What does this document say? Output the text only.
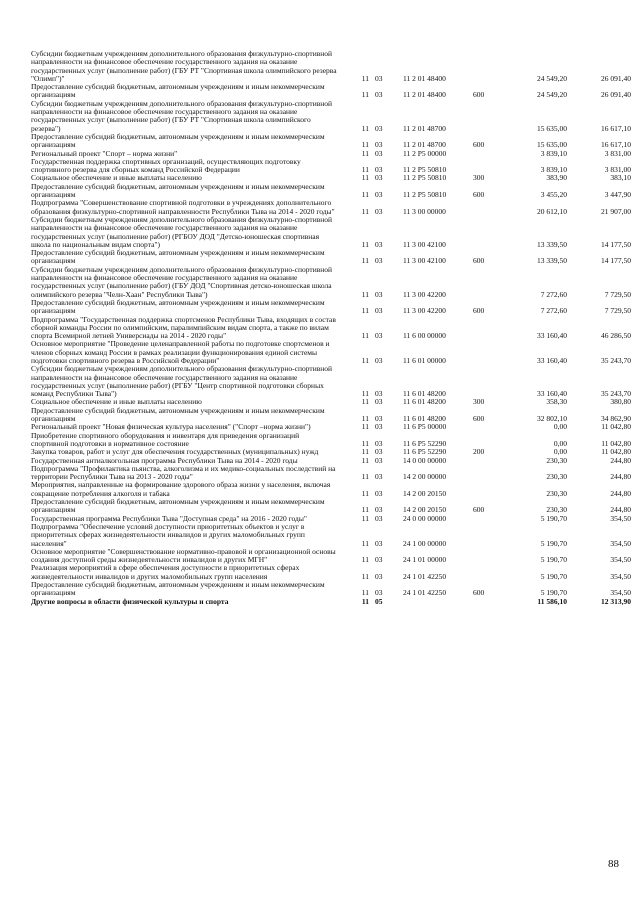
Субсидии бюджетным учреждениям дополнительного образования физкультурно-спортивной направленности на финансовое обеспечение государственного задания на оказание государственных услуг (выполнение работ) (ГБУ РТ "Спортивная школа олимпийского резерва "Олимп")"	11	03	11 2 01 48400		24 549,20	26 091,40
Предоставление субсидий бюджетным, автономным учреждениям и иным некоммерческим организациям	11	03	11 2 01 48400	600	24 549,20	26 091,40
Субсидии бюджетным учреждениям дополнительного образования физкультурно-спортивной направленности на финансовое обеспечение государственного задания на оказание государственных услуг (выполнение работ) (ГБУ РТ "Спортивная школа олимпийского резерва")	11	03	11 2 01 48700		15 635,00	16 617,10
Предоставление субсидий бюджетным, автономным учреждениям и иным некоммерческим организациям	11	03	11 2 01 48700	600	15 635,00	16 617,10
Региональный проект "Спорт – норма жизни"	11	03	11 2 P5 00000		3 839,10	3 831,00
Государственная поддержка спортивных организаций, осуществляющих подготовку спортивного резерва для сборных команд Российской Федерации	11	03	11 2 P5 50810		3 839,10	3 831,00
Социальное обеспечение и иные выплаты населению	11	03	11 2 P5 50810	300	383,90	383,10
Предоставление субсидий бюджетным, автономным учреждениям и иным некоммерческим организациям	11	03	11 2 P5 50810	600	3 455,20	3 447,90
Подпрограмма "Совершенствование спортивной подготовки в учреждениях дополнительного образования физкультурно-спортивной направленности Республики Тыва на 2014 - 2020 годы"	11	03	11 3 00 00000		20 612,10	21 907,00
Субсидии бюджетным учреждениям дополнительного образования физкультурно-спортивной направленности на финансовое обеспечение государственного задания на оказание государственных услуг (выполнение работ) (РГБОУ ДОД "Детско-юношеская спортивная школа по национальным видам спорта")	11	03	11 3 00 42100		13 339,50	14 177,50
Предоставление субсидий бюджетным, автономным учреждениям и иным некоммерческим организациям	11	03	11 3 00 42100	600	13 339,50	14 177,50
Субсидии бюджетным учреждениям дополнительного образования физкультурно-спортивной направленности на финансовое обеспечение государственного задания на оказание государственных услуг (выполнение работ) (ГБУ ДОД "Спортивная детско-юношеская школа олимпийского резерва "Челн-Хаан" Республики Тыва")	11	03	11 3 00 42200		7 272,60	7 729,50
Предоставление субсидий бюджетным, автономным учреждениям и иным некоммерческим организациям	11	03	11 3 00 42200	600	7 272,60	7 729,50
Подпрограмма "Государственная поддержка спортсменов Республики Тыва, входящих в состав сборной команды России по олимпийским, паралимпийским видам спорта, а также по вилам спорта Всемирной летней Универсиады на 2014 - 2020 годы"	11	03	11 6 00 00000		33 160,40	46 286,50
Основное мероприятие "Проведение целенаправленной работы по подготовке спортсменов и членов сборных команд России в рамках реализации функционирования единой системы подготовки спортивного резерва в Российской Федерации"	11	03	11 6 01 00000		33 160,40	35 243,70
Субсидии бюджетным учреждениям дополнительного образования физкультурно-спортивной направленности на финансовое обеспечение государственного задания на оказание государственных услуг (выполнение работ) (РГБУ "Центр спортивной подготовки сборных команд Республики Тыва")	11	03	11 6 01 48200		33 160,40	35 243,70
Социальное обеспечение и иные выплаты населению	11	03	11 6 01 48200	300	358,30	380,80
Предоставление субсидий бюджетным, автономным учреждениям и иным некоммерческим организациям	11	03	11 6 01 48200	600	32 802,10	34 862,90
Региональный проект "Новая физическая культура населения" ("Спорт –норма жизни")	11	03	11 6 P5 00000		0,00	11 042,80
Приобретение спортивного оборудования и инвентаря для приведения организаций спортивной подготовки в нормативное состояние	11	03	11 6 P5 52290		0,00	11 042,80
Закупка товаров, работ и услуг для обеспечения государственных (муниципальных) нужд	11	03	11 6 P5 52290	200	0,00	11 042,80
Государственная антиалкогольная программа Республики Тыва на 2014 - 2020 годы	11	03	14 0 00 00000		230,30	244,80
Подпрограмма "Профилактика пьянства, алкоголизма и их медико-социальных последствий на территории Республики Тыва на 2013 - 2020 годы"	11	03	14 2 00 00000		230,30	244,80
Мероприятия, направленные на формирование здорового образа жизни у населения, включая сокращение потребления алкоголя и табака	11	03	14 2 00 20150		230,30	244,80
Предоставление субсидий бюджетным, автономным учреждениям и иным некоммерческим организациям	11	03	14 2 00 20150	600	230,30	244,80
Государственная программа Республики Тыва "Доступная среда" на 2016 - 2020 годы"	11	03	24 0 00 00000		5 190,70	354,50
Подпрограмма "Обеспечение условий доступности приоритетных объектов и услуг в приоритетных сферах жизнедеятельности инвалидов и других маломобильных групп населения"	11	03	24 1 00 00000		5 190,70	354,50
Основное мероприятие "Совершенствование нормативно-правовой и организационной основы создания доступной среды жизнедеятельности инвалидов и других МГН"	11	03	24 1 01 00000		5 190,70	354,50
Реализация мероприятий в сфере обеспечения доступности в приоритетных сферах жизнедеятельности инвалидов и других маломобильных групп населения	11	03	24 1 01 42250		5 190,70	354,50
Предоставление субсидий бюджетным, автономным учреждениям и иным некоммерческим организациям	11	03	24 1 01 42250	600	5 190,70	354,50
Другие вопросы в области физической культуры и спорта	11	05			11 586,10	12 313,90
88
